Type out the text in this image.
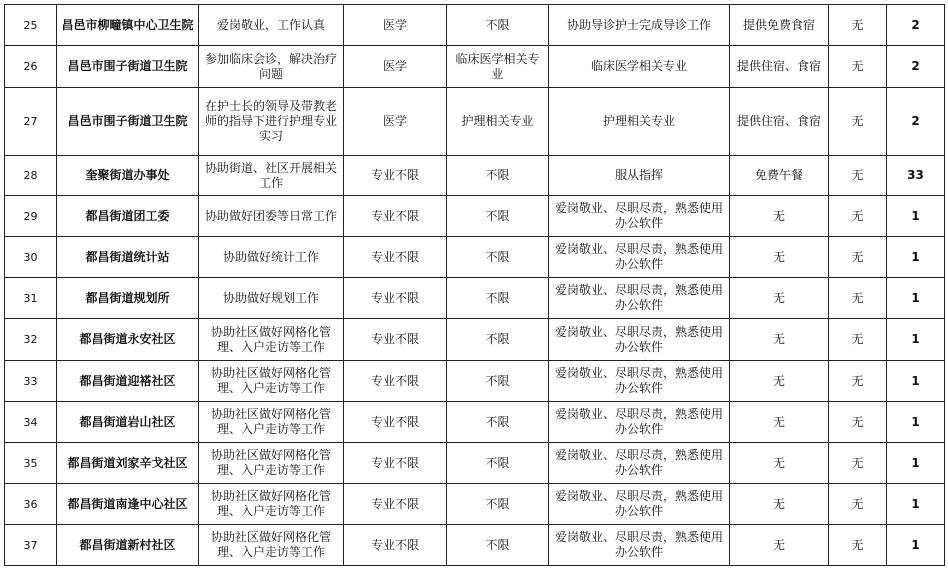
25	昌邑市柳疃镇中心卫生院	爱岗敬业，工作认真	医学	不限	协助导诊护士完成导诊工作	提供免费食宿	无	2
26	昌邑市围子街道卫生院	参加临床会诊，解决治疗问题	医学	临床医学相关专业	临床医学相关专业	提供住宿、食宿	无	2
27	昌邑市围子街道卫生院	在护士长的领导及带教老师的指导下进行护理专业实习	医学	护理相关专业	护理相关专业	提供住宿、食宿	无	2
28	奎聚街道办事处	协助街道、社区开展相关工作	专业不限	不限	服从指挥	免费午餐	无	33
29	都昌街道团工委	协助做好团委等日常工作	专业不限	不限	爱岗敬业、尽职尽责，熟悉使用办公软件	无	无	1
30	都昌街道统计站	协助做好统计工作	专业不限	不限	爱岗敬业、尽职尽责，熟悉使用办公软件	无	无	1
31	都昌街道规划所	协助做好规划工作	专业不限	不限	爱岗敬业、尽职尽责，熟悉使用办公软件	无	无	1
32	都昌街道永安社区	协助社区做好网格化管理、入户走访等工作	专业不限	不限	爱岗敬业、尽职尽责，熟悉使用办公软件	无	无	1
33	都昌街道迎褡社区	协助社区做好网格化管理、入户走访等工作	专业不限	不限	爱岗敬业、尽职尽责，熟悉使用办公软件	无	无	1
34	都昌街道岩山社区	协助社区做好网格化管理、入户走访等工作	专业不限	不限	爱岗敬业、尽职尽责，熟悉使用办公软件	无	无	1
35	都昌街道刘家辛戈社区	协助社区做好网格化管理、入户走访等工作	专业不限	不限	爱岗敬业、尽职尽责，熟悉使用办公软件	无	无	1
36	都昌街道南逢中心社区	协助社区做好网格化管理、入户走访等工作	专业不限	不限	爱岗敬业、尽职尽责，熟悉使用办公软件	无	无	1
37	都昌街道新村社区	协助社区做好网格化管理、入户走访等工作	专业不限	不限	爱岗敬业、尽职尽责，熟悉使用办公软件	无	无	1
